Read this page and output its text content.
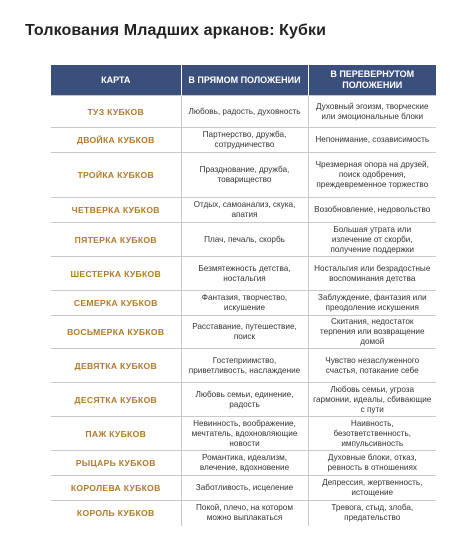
Толкования Младших арканов: Кубки
КАРТА	В ПРЯМОМ ПОЛОЖЕНИИ	В ПЕРЕВЕРНУТОМ ПОЛОЖЕНИИ
ТУЗ КУБКОВ	Любовь, радость, духовность	Духовный эгоизм, творческие или эмоциональные блоки
ДВОЙКА КУБКОВ	Партнерство, дружба, сотрудничество	Непонимание, созависимость
ТРОЙКА КУБКОВ	Празднование, дружба, товарищество	Чрезмерная опора на друзей, поиск одобрения, преждевременное торжество
ЧЕТВЕРКА КУБКОВ	Отдых, самоанализ, скука, апатия	Возобновление, недовольство
ПЯТЕРКА КУБКОВ	Плач, печаль, скорбь	Большая утрата или излечение от скорби, получение поддержки
ШЕСТЕРКА КУБКОВ	Безмятежность детства, ностальгия	Ностальгия или безрадостные воспоминания детства
СЕМЕРКА КУБКОВ	Фантазия, творчество, искушение	Заблуждение, фантазия или преодоление искушения
ВОСЬМЕРКА КУБКОВ	Расставание, путешествие, поиск	Скитания, недостаток терпения или возвращение домой
ДЕВЯТКА КУБКОВ	Гостеприимство, приветливость, наслаждение	Чувство незаслуженного счастья, потакание себе
ДЕСЯТКА КУБКОВ	Любовь семьи, единение, радость	Любовь семьи, угроза гармонии, идеалы, сбивающие с пути
ПАЖ КУБКОВ	Невинность, воображение, мечтатель, вдохновляющие новости	Наивность, безответственность, импульсивность
РЫЦАРЬ КУБКОВ	Романтика, идеализм, влечение, вдохновение	Духовные блоки, отказ, ревность в отношениях
КОРОЛЕВА КУБКОВ	Заботливость, исцеление	Депрессия, жертвенность, истощение
КОРОЛЬ КУБКОВ	Покой, плечо, на котором можно выплакаться	Тревога, стыд, злоба, предательство
